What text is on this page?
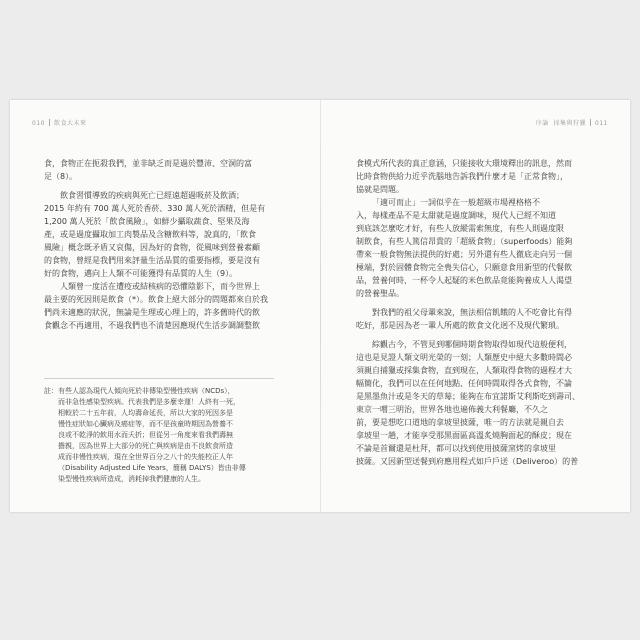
010 飲食大未來
食，食物正在扼殺我們，並非缺乏而是過於豐沛、空洞的富
足（8）。
飲食習慣導致的疾病與死亡已經遠超過吸菸及飲酒；
2015 年約有 700 萬人死於香菸、330 萬人死於酒精，但是有
1,200 萬人死於「飲食風險」，如鮮少攝取蔬食、堅果及海
產，或是過度攝取加工肉製品及含糖飲料等，說真的，「飲食
風險」概念既矛盾又哀傷，因為好的食物，從風味到營養素顧
的食物，曾經是我們用來評量生活品質的重要指標，要是沒有
好的食物，邁向上人類不可能獲得有品質的人生（9）。
人類曾一度活在遭疫或結核病的恐懼陰影下，而今世界上
最主要的死因則是飲食（*）。飲食上絕大部分的問題都來自於我
們尚未適應的狀況，無論是生理或心理上的，許多舊時代的飲
食觀念不再適用，不過我們也不清楚因應現代生活步調調整飲
註：有些人認為現代人傾向死於非傳染型慢性疾病（NCDs），
而非急性感染型疾病。代表我們是多麼幸運！人終有一死，
相較於二十五年前，人均壽命延長，所以大家的死因多是
慢性症狀如心臟病及癌症等，而不是孩童時期因為營養不
良或不乾淨的飲用水而夭折；但從另一角度來看我們壽無
擔親，因為世界上大部分的死亡與疾病是由不良飲食所造
成而非慢性疾病，現在全世界百分之八十的失能校正人年
（Disability Adjusted Life Years，簡稱 DALYS）皆由非傳
染型慢性疾病所造成，消耗掉我們健康的人生。
序論 採集與狩獵 011
食模式所代表的真正意涵，只能接收大環境釋出的訊息，然而
比時食物供給力近乎洗腦地告訴我們什麼才是「正常食物」，
協就是問題。
「適可而止」一詞似乎在一般超級市場裡格格不
入，每樣產品不是太甜就是過度調味，現代人已經不知道
到底該怎麼吃才好，有些人放縱需索無度，有些人則過度限
制飲食，有些人篤信昂貴的「超級食物」（superfoods）能夠
帶來一般食物無法提供的好處；另外還有些人徹底走向另一個
極端，對於固體食物完全喪失信心，只願意食用新型的代餐飲
品，營養何時，一杯令人起疑的米色飲品竟能夠養成人人渴望
的營養聖品。
對我們的祖父母輩來說，無法相信飢餓的人不吃會比有得
吃好，那是因為老一輩人所處的飲食文化迥不及現代繁瑣。
綜觀古今，不管見到哪個時期食物取得如現代這般便利，
這也是見證人類文明光榮的一刻；人類歷史中絕大多數時間必
須親自捕獵或採集食物，直到現在，人類取得食物的過程才大
幅簡化，我們可以在任何地點、任何時間取得各式食物，不論
是黑墨魚汁或是冬天的草莓；能夠在布宜諾斯艾利斯吃到壽司、
東京一嚐三明治，世界各地也遍佈義大利餐廳，不久之
前，要是想吃口道地的拿坡里披薩，唯一的方法就是親自去
拿坡里一趟，才能享受那黑面區高溫炙燒胸面起的酥皮；現在
不論是首爾還是杜拜，都可以找到使用披薩窯烤的拿坡里
披薩。又因新型送餐到府應用程式如戶戶送（Deliveroo）的普
